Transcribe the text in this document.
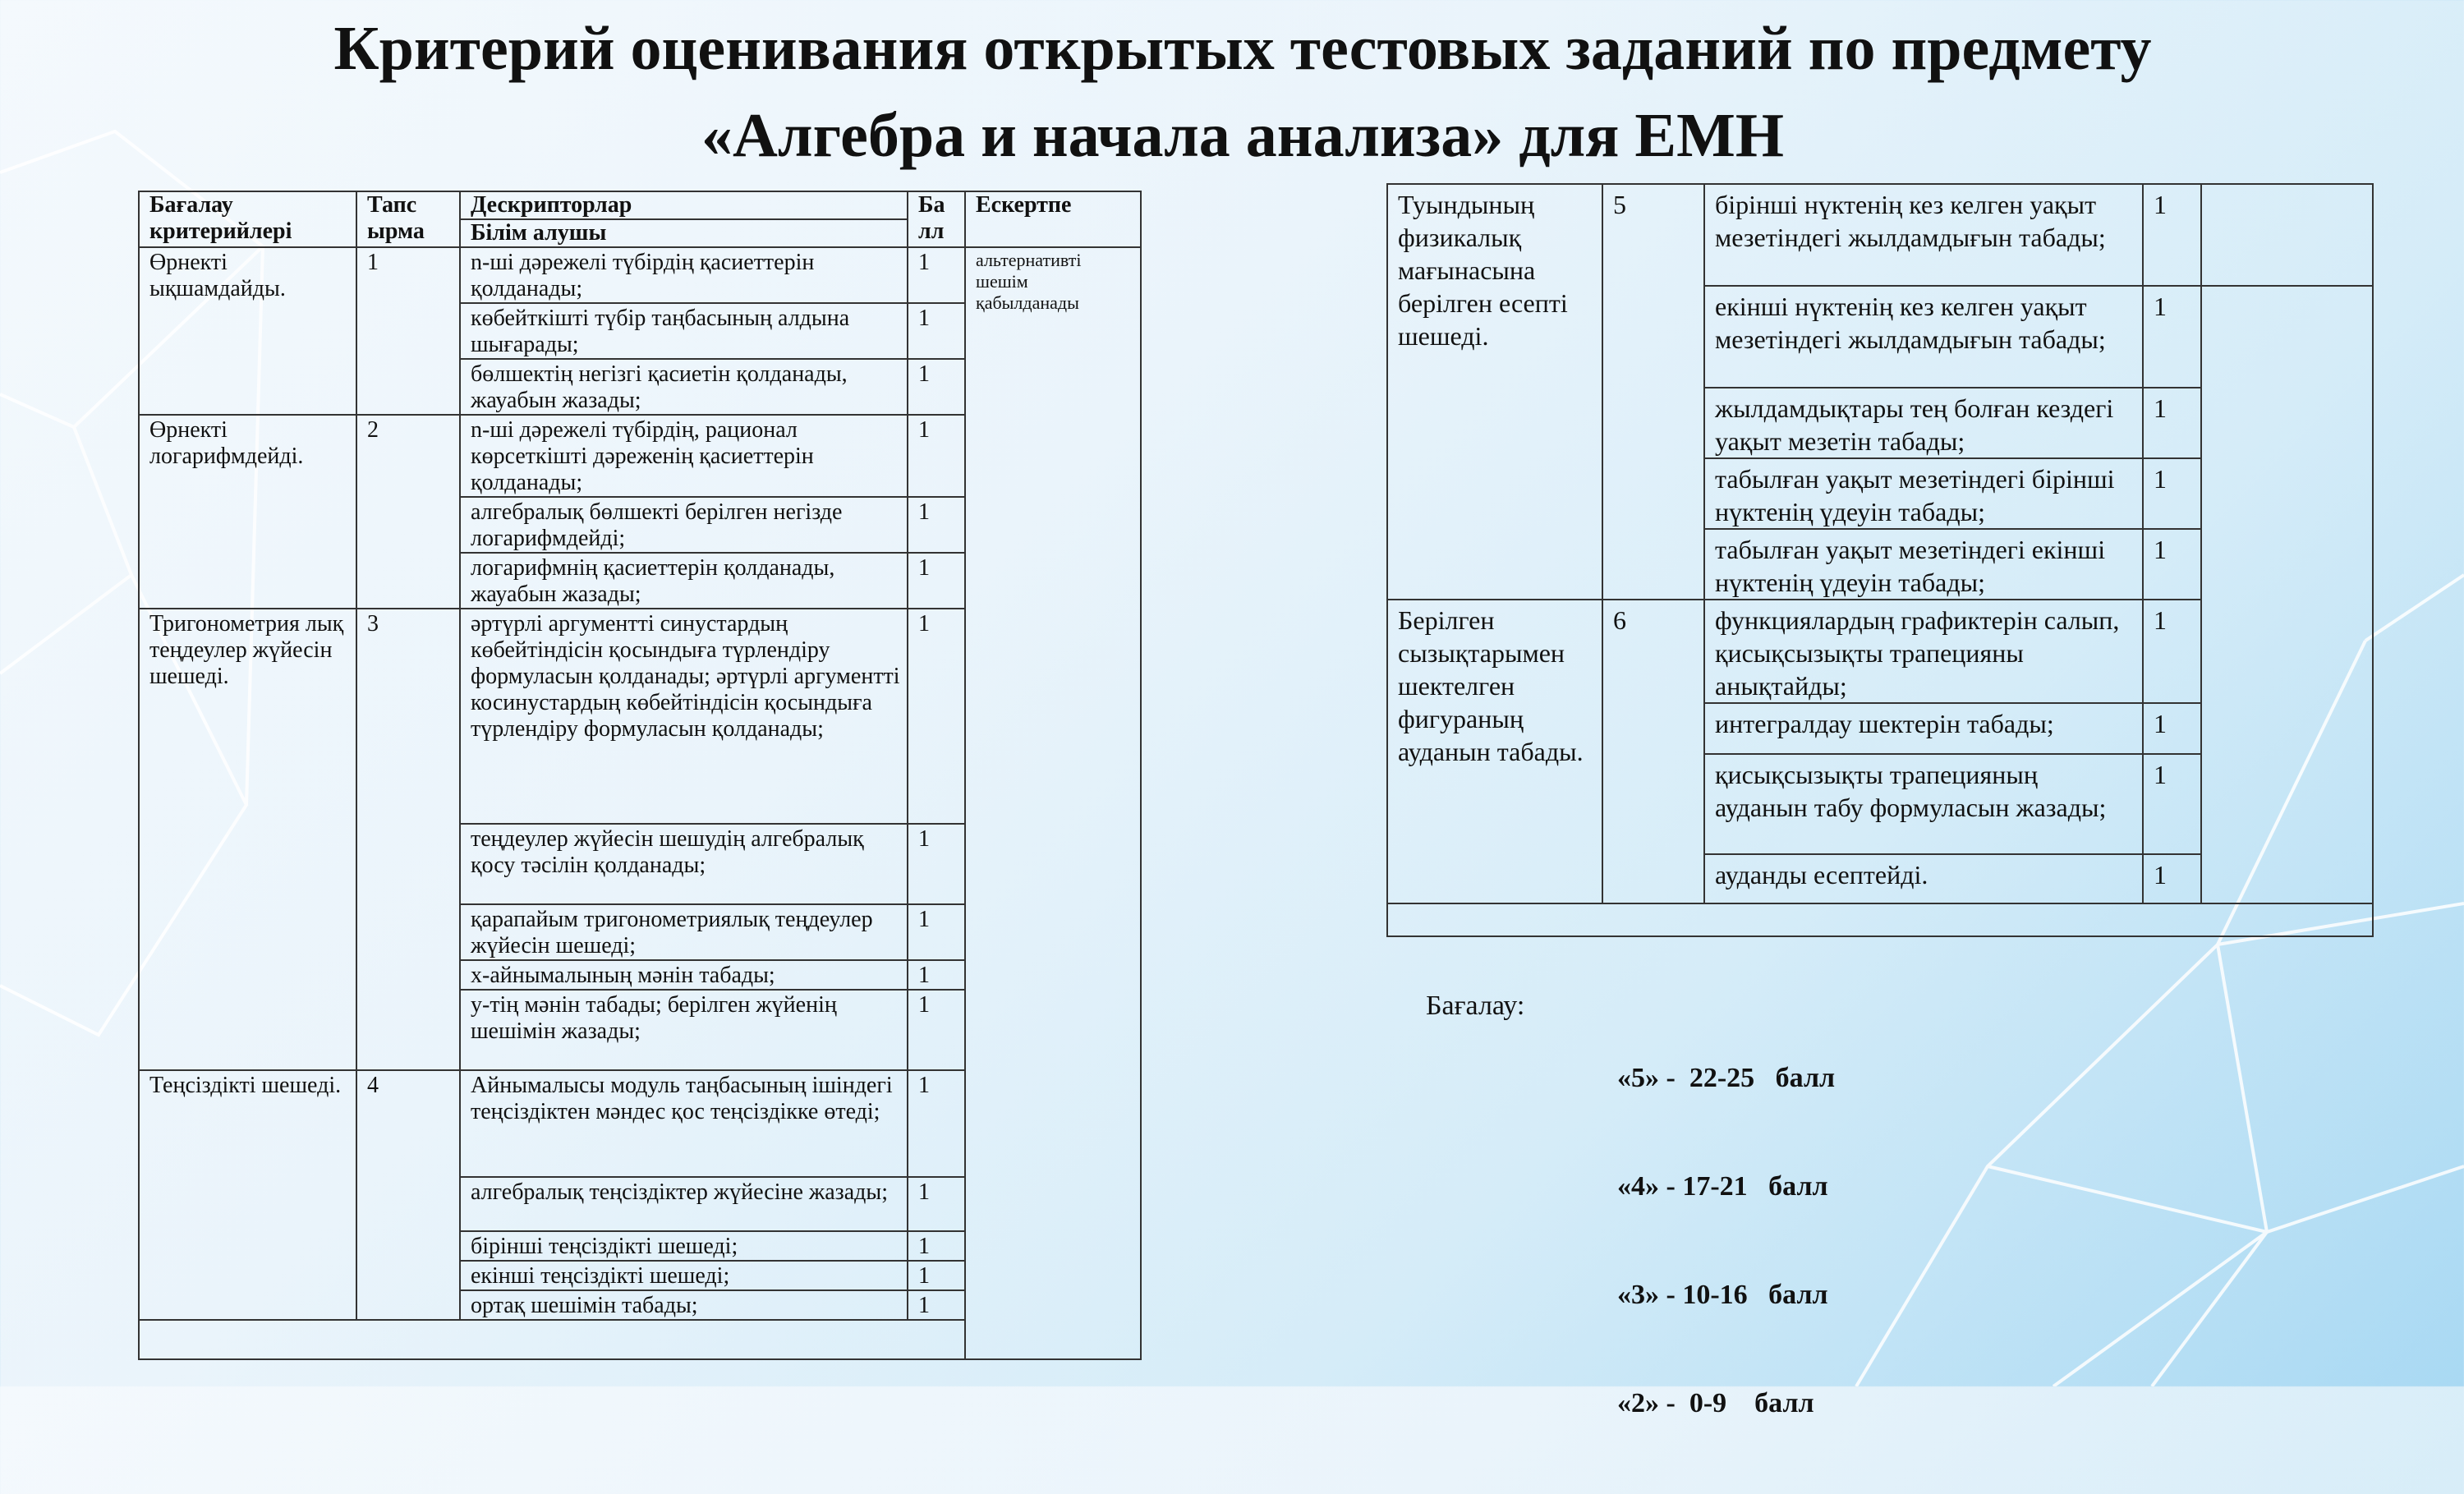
Критерий оценивания открытых тестовых заданий по предмету
«Алгебра и начала анализа» для ЕМН
Бағалау критерийлері	Тапс ырма	Дескрипторлар	Ба лл	Ескертпе
		Білім алушы		
Өрнекті ықшамдайды.	1	n-ші дәрежелі түбірдің қасиеттерін қолданады;	1	альтернативті шешім қабылданады
		көбейткішті түбір таңбасының алдына шығарады;	1	
		бөлшектің негізгі қасиетін қолданады, жауабын жазады;	1	
Өрнекті логарифмдейді.	2	n-ші дәрежелі түбірдің, рационал көрсеткішті дәреженің қасиеттерін қолданады;	1	
		алгебралық бөлшекті берілген негізде логарифмдейді;	1	
		логарифмнің қасиеттерін қолданады, жауабын жазады;	1	
Тригонометрия лық теңдеулер жүйесін шешеді.	3	әртүрлі аргументті синустардың көбейтіндісін қосындыға түрлендіру формуласын қолданады; әртүрлі аргументті косинустардың көбейтіндісін қосындыға түрлендіру формуласын қолданады;	1	
		теңдеулер жүйесін шешудің алгебралық қосу тәсілін қолданады;	1	
		қарапайым тригонометриялық теңдеулер жүйесін шешеді;	1	
		x-айнымалының мәнін табады;	1	
		y-тің мәнін табады; берілген жүйенің шешімін жазады;	1	
Теңсіздікті шешеді.	4	Айнымалысы модуль таңбасының ішіндегі теңсіздіктен мәндес қос теңсіздікке өтеді;	1	
		алгебралық теңсіздіктер жүйесіне жазады;	1	
		бірінші теңсіздікті шешеді;	1	
		екінші теңсіздікті шешеді;	1	
		ортақ шешімін табады;	1	

Туындының физикалық мағынасына берілген есепті шешеді.	5	бірінші нүктенің кез келген уақыт мезетіндегі жылдамдығын табады;	1	
		екінші нүктенің кез келген уақыт мезетіндегі жылдамдығын табады;	1	
		жылдамдықтары тең болған кездегі уақыт мезетін табады;	1	
		табылған уақыт мезетіндегі бірінші нүктенің үдеуін табады;	1	
		табылған уақыт мезетіндегі екінші нүктенің үдеуін табады;	1	
Берілген сызықтарымен шектелген фигураның ауданын табады.	6	функциялардың графиктерін салып, қисықсызықты трапецияны анықтайды;	1	
		интегралдау шектерін табады;	1	
		қисықсызықты трапецияның ауданын табу формуласын жазады;	1	
		ауданды есептейді.	1	

Бағалау:

«5» -  22-25   балл

«4» - 17-21   балл

«3» - 10-16   балл

«2» -  0-9    балл
